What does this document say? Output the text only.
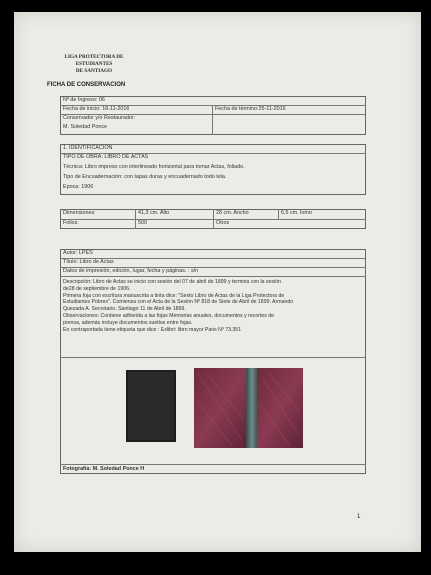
LIGA PROTECTORA DE ESTUDIANTES
DE SANTIAGO
FICHA DE CONSERVACION
Nº de Ingreso: 06
Fecha de inicio: 16-11-2016	Fecha de término:25-11-2016
Conservador y/o Restaurador:
M. Soledad Ponce
1. IDENTIFICACION
TIPO DE OBRA: LIBRO DE ACTAS
Técnica: Libro impreso con interlineado horizontal para tomar Actas, foliado.
Tipo de Encuadernación: con tapas duras y encuadernado todo tela.
Época: 1906
Dimensiones:	41,3 cm. Alto	28 cm. Ancho	6,5 cm. lomo
Folios:	500	Otros
Autor: LPES
Título: Libro de Actas
Datos de impresión, edición, lugar, fecha y páginas. : s/n
Descripción: Libro de Actas se inicio con sesión del 07 de abril de 1899 y termina con la sesión
de28 de septiembre de 1906.
Primera foja con escritura manuscrita a tinta dice: "Sexto Libro de Actas de la Liga Protectora de
Estudiantes Pobres". Comienza con el Acta de la Sesión Nº 818 de Siete de Abril de 1899. Armando
Quezada A. Secretario. Santiago 11 de Abril de 1899.
Observaciones: Contiene adherida a las fojas Memorias anuales, documentos y recortes de
prensa, además incluye documentos sueltos entre fojas.
En contraportada tiene etiqueta que dice : Exlibri: libro mayor Paris Nº 73.351
Fotografía: M. Soledad Ponce H
1
